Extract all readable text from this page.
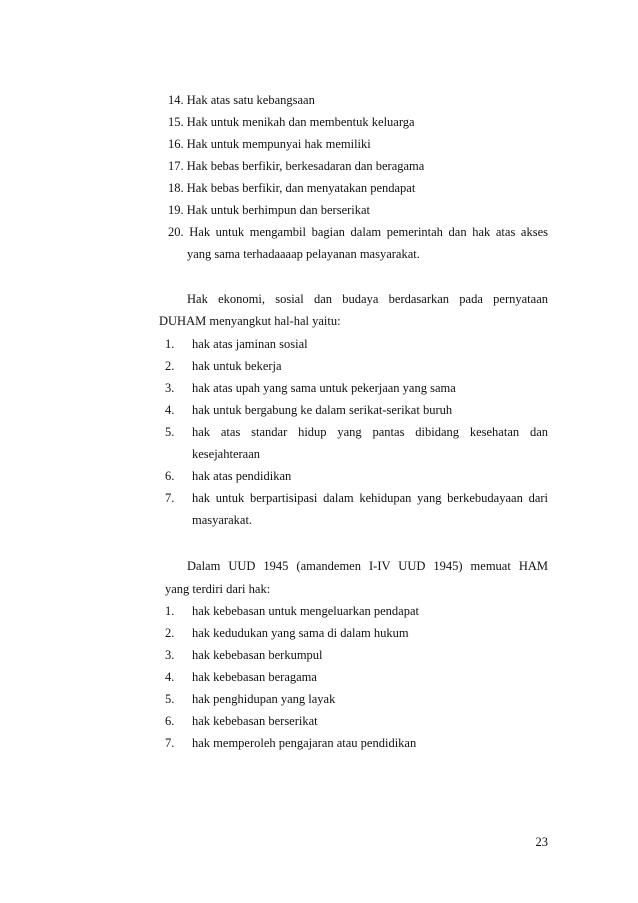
14. Hak atas satu kebangsaan
15. Hak untuk menikah dan membentuk keluarga
16. Hak untuk mempunyai hak memiliki
17. Hak bebas berfikir, berkesadaran dan beragama
18. Hak bebas berfikir, dan menyatakan pendapat
19. Hak untuk berhimpun dan berserikat
20. Hak untuk mengambil bagian dalam pemerintah dan hak atas akses
yang sama terhadaaaap pelayanan masyarakat.
Hak ekonomi, sosial dan budaya berdasarkan pada pernyataan
DUHAM menyangkut hal-hal yaitu:
1. hak atas jaminan sosial
2. hak untuk bekerja
3. hak atas upah yang sama untuk pekerjaan yang sama
4. hak untuk bergabung ke dalam serikat-serikat buruh
5. hak atas standar hidup yang pantas dibidang kesehatan dan
kesejahteraan
6. hak atas pendidikan
7. hak untuk berpartisipasi dalam kehidupan yang berkebudayaan dari
masyarakat.
Dalam UUD 1945 (amandemen I-IV UUD 1945) memuat HAM
yang terdiri dari hak:
1. hak kebebasan untuk mengeluarkan pendapat
2. hak kedudukan yang sama di dalam hukum
3. hak kebebasan berkumpul
4. hak kebebasan beragama
5. hak penghidupan yang layak
6. hak kebebasan berserikat
7. hak memperoleh pengajaran atau pendidikan
23
